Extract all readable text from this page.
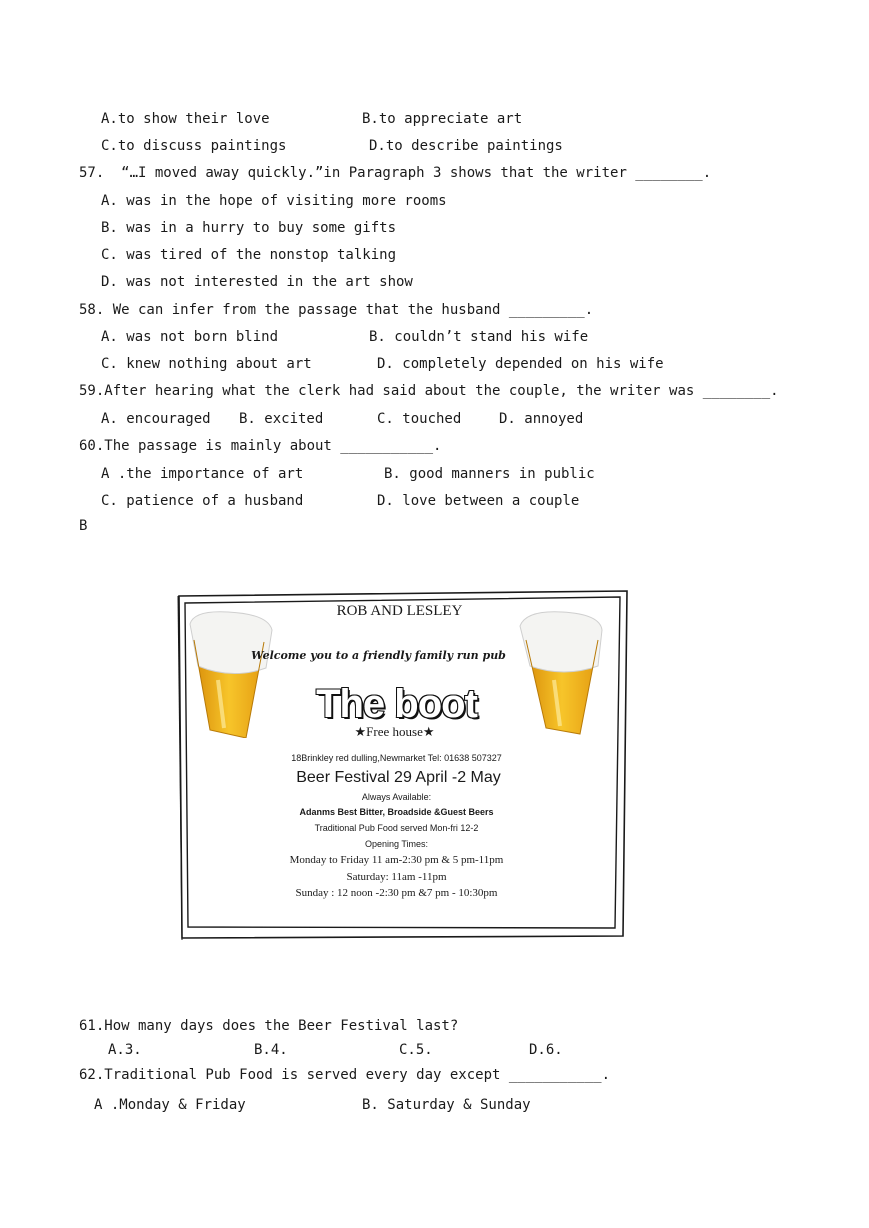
A.to show their love	B.to appreciate art
C.to discuss paintings	D.to describe paintings
57.  “…I moved away quickly.”in Paragraph 3 shows that the writer ________.
A. was in the hope of visiting more rooms
B. was in a hurry to buy some gifts
C. was tired of the nonstop talking
D. was not interested in the art show
58. We can infer from the passage that the husband _________.
A. was not born blind	B. couldn’t stand his wife
C. knew nothing about art	D. completely depended on his wife
59.After hearing what the clerk had said about the couple, the writer was ________.
A. encouraged B. excited	C. touched	D. annoyed
60.The passage is mainly about ___________.
A .the importance of art	B. good manners in public
C. patience of a husband	D. love between a couple
B
ROB AND LESLEY
Welcome you to a friendly family run pub
The boot
★Free house★
18Brinkley red dulling,Newmarket Tel: 01638 507327
Beer Festival 29 April -2 May
Always Available:
Adanms Best Bitter, Broadside &Guest Beers
Traditional Pub Food served Mon-fri 12-2
Opening Times:
Monday to Friday 11 am-2:30 pm & 5 pm-11pm
Saturday: 11am -11pm
Sunday : 12 noon -2:30 pm &7 pm - 10:30pm
61.How many days does the Beer Festival last?
A.3.	B.4.	C.5.	D.6.
62.Traditional Pub Food is served every day except ___________.
A .Monday & Friday	B. Saturday & Sunday
